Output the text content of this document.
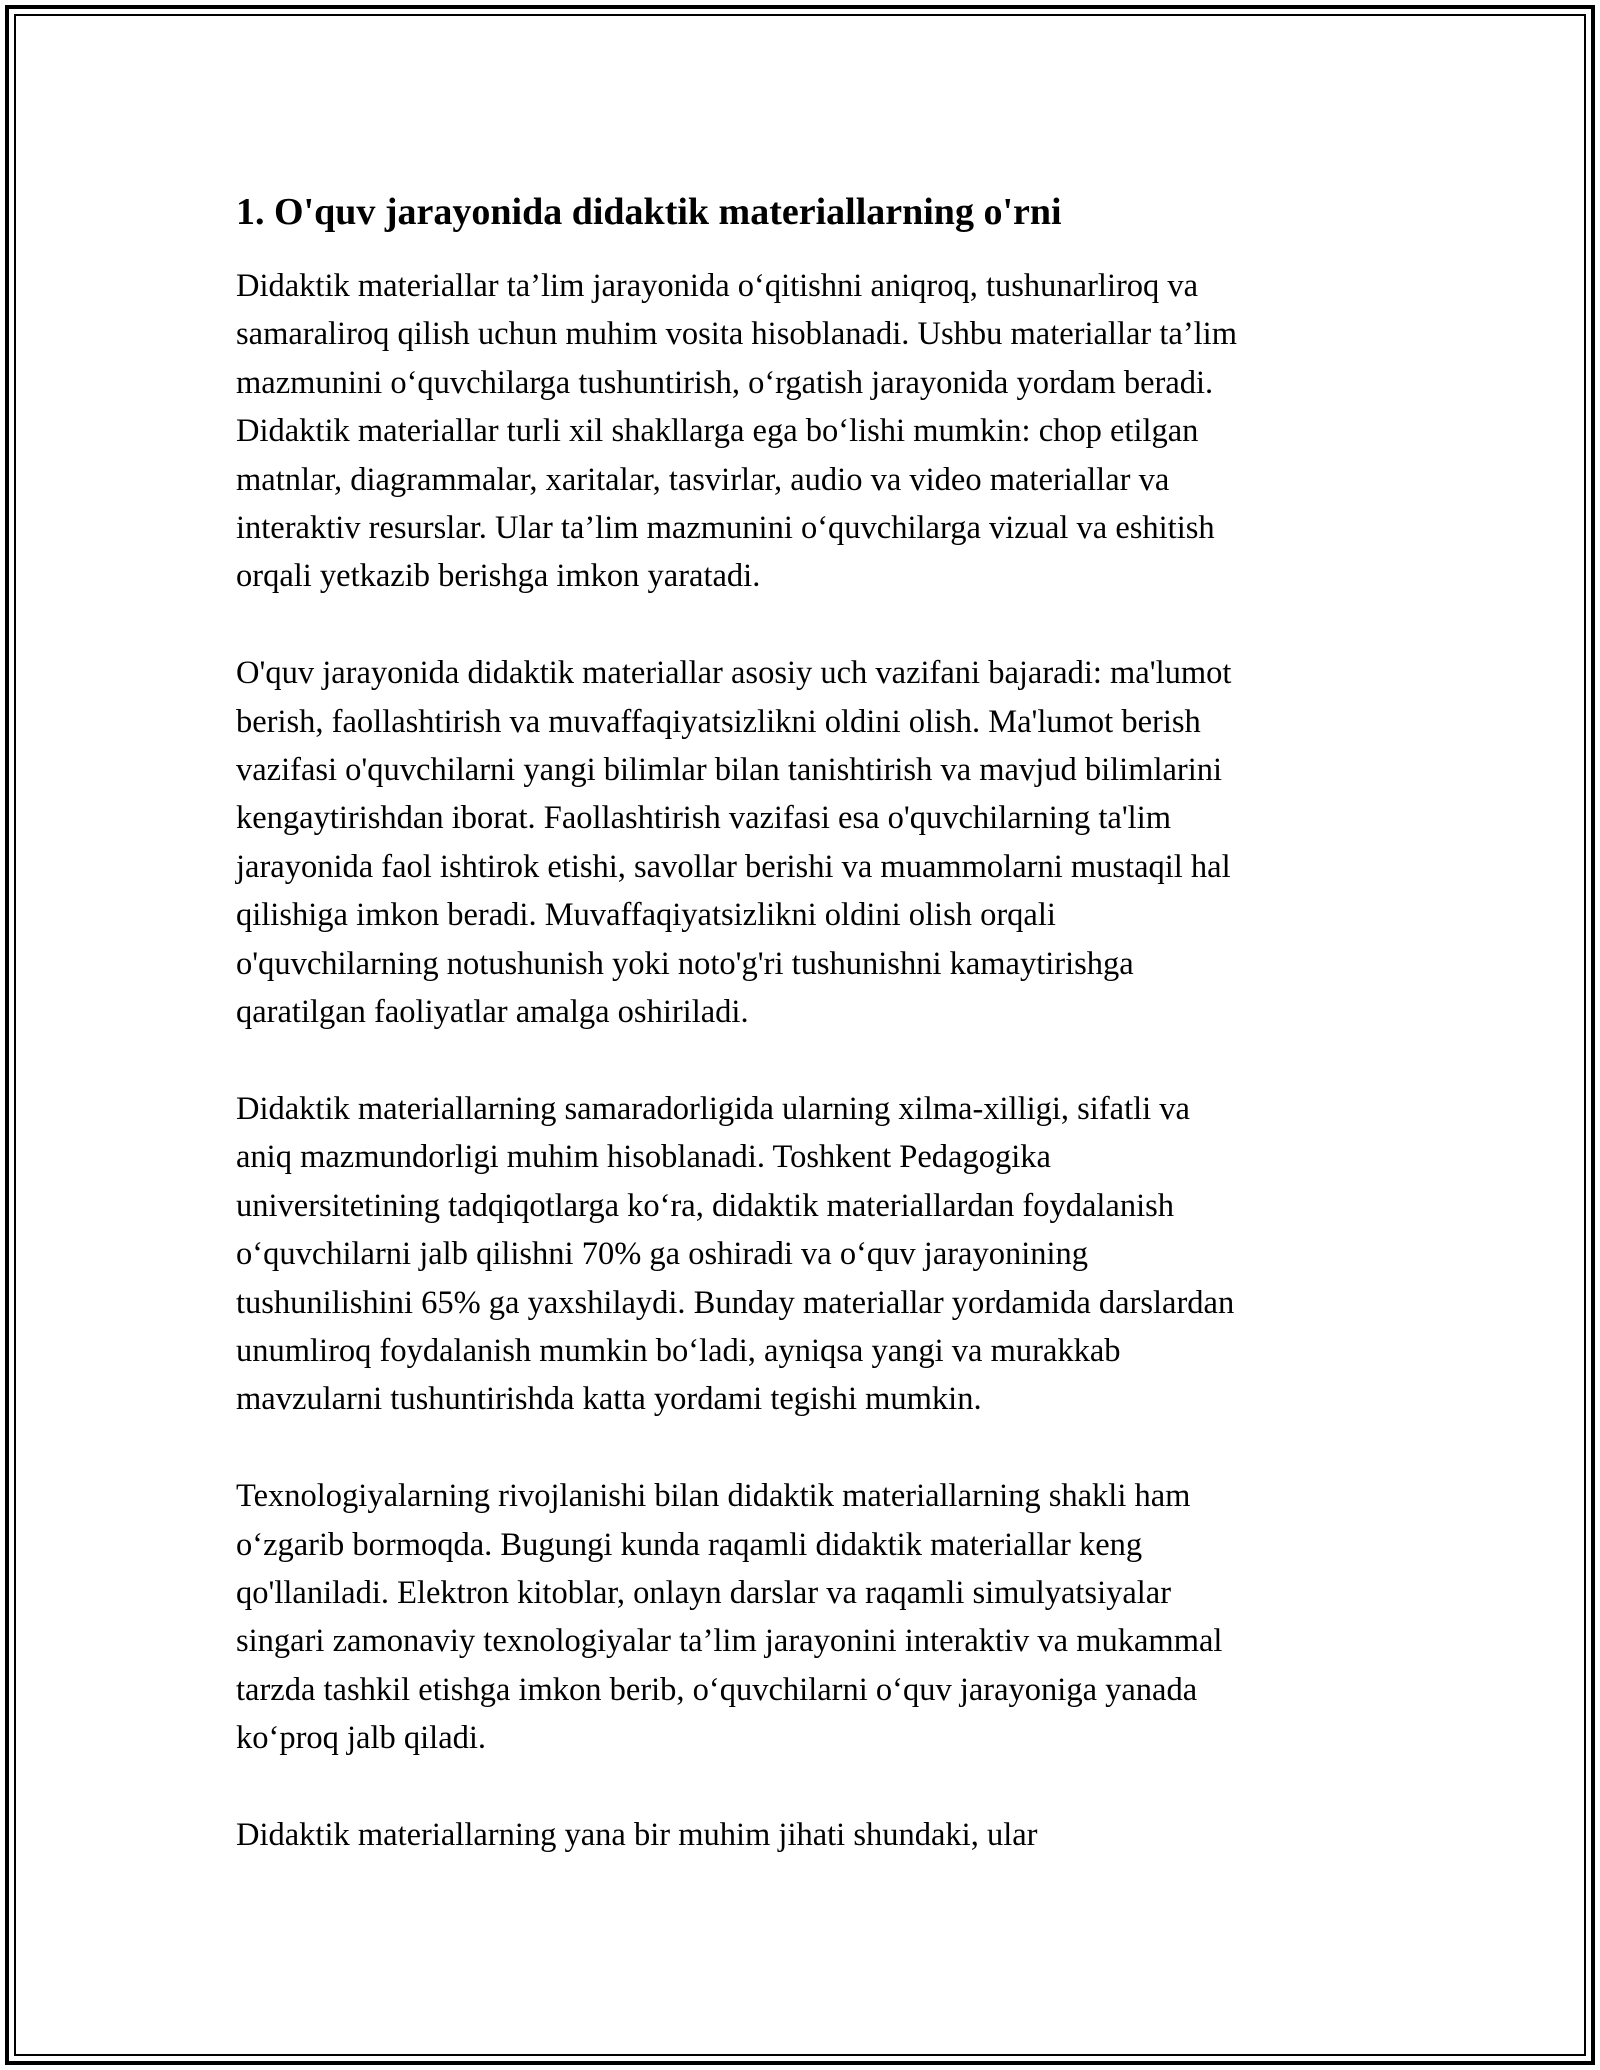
1. O'quv jarayonida didaktik materiallarning o'rni

Didaktik materiallar ta’lim jarayonida o‘qitishni aniqroq, tushunarliroq va
samaraliroq qilish uchun muhim vosita hisoblanadi. Ushbu materiallar ta’lim
mazmunini o‘quvchilarga tushuntirish, o‘rgatish jarayonida yordam beradi.
Didaktik materiallar turli xil shakllarga ega bo‘lishi mumkin: chop etilgan
matnlar, diagrammalar, xaritalar, tasvirlar, audio va video materiallar va
interaktiv resurslar. Ular ta’lim mazmunini o‘quvchilarga vizual va eshitish
orqali yetkazib berishga imkon yaratadi.

O'quv jarayonida didaktik materiallar asosiy uch vazifani bajaradi: ma'lumot
berish, faollashtirish va muvaffaqiyatsizlikni oldini olish. Ma'lumot berish
vazifasi o'quvchilarni yangi bilimlar bilan tanishtirish va mavjud bilimlarini
kengaytirishdan iborat. Faollashtirish vazifasi esa o'quvchilarning ta'lim
jarayonida faol ishtirok etishi, savollar berishi va muammolarni mustaqil hal
qilishiga imkon beradi. Muvaffaqiyatsizlikni oldini olish orqali
o'quvchilarning notushunish yoki noto'g'ri tushunishni kamaytirishga
qaratilgan faoliyatlar amalga oshiriladi.

Didaktik materiallarning samaradorligida ularning xilma-xilligi, sifatli va
aniq mazmundorligi muhim hisoblanadi. Toshkent Pedagogika
universitetining tadqiqotlarga ko‘ra, didaktik materiallardan foydalanish
o‘quvchilarni jalb qilishni 70% ga oshiradi va o‘quv jarayonining
tushunilishini 65% ga yaxshilaydi. Bunday materiallar yordamida darslardan
unumliroq foydalanish mumkin bo‘ladi, ayniqsa yangi va murakkab
mavzularni tushuntirishda katta yordami tegishi mumkin.

Texnologiyalarning rivojlanishi bilan didaktik materiallarning shakli ham
o‘zgarib bormoqda. Bugungi kunda raqamli didaktik materiallar keng
qo'llaniladi. Elektron kitoblar, onlayn darslar va raqamli simulyatsiyalar
singari zamonaviy texnologiyalar ta’lim jarayonini interaktiv va mukammal
tarzda tashkil etishga imkon berib, o‘quvchilarni o‘quv jarayoniga yanada
ko‘proq jalb qiladi.

Didaktik materiallarning yana bir muhim jihati shundaki, ular
